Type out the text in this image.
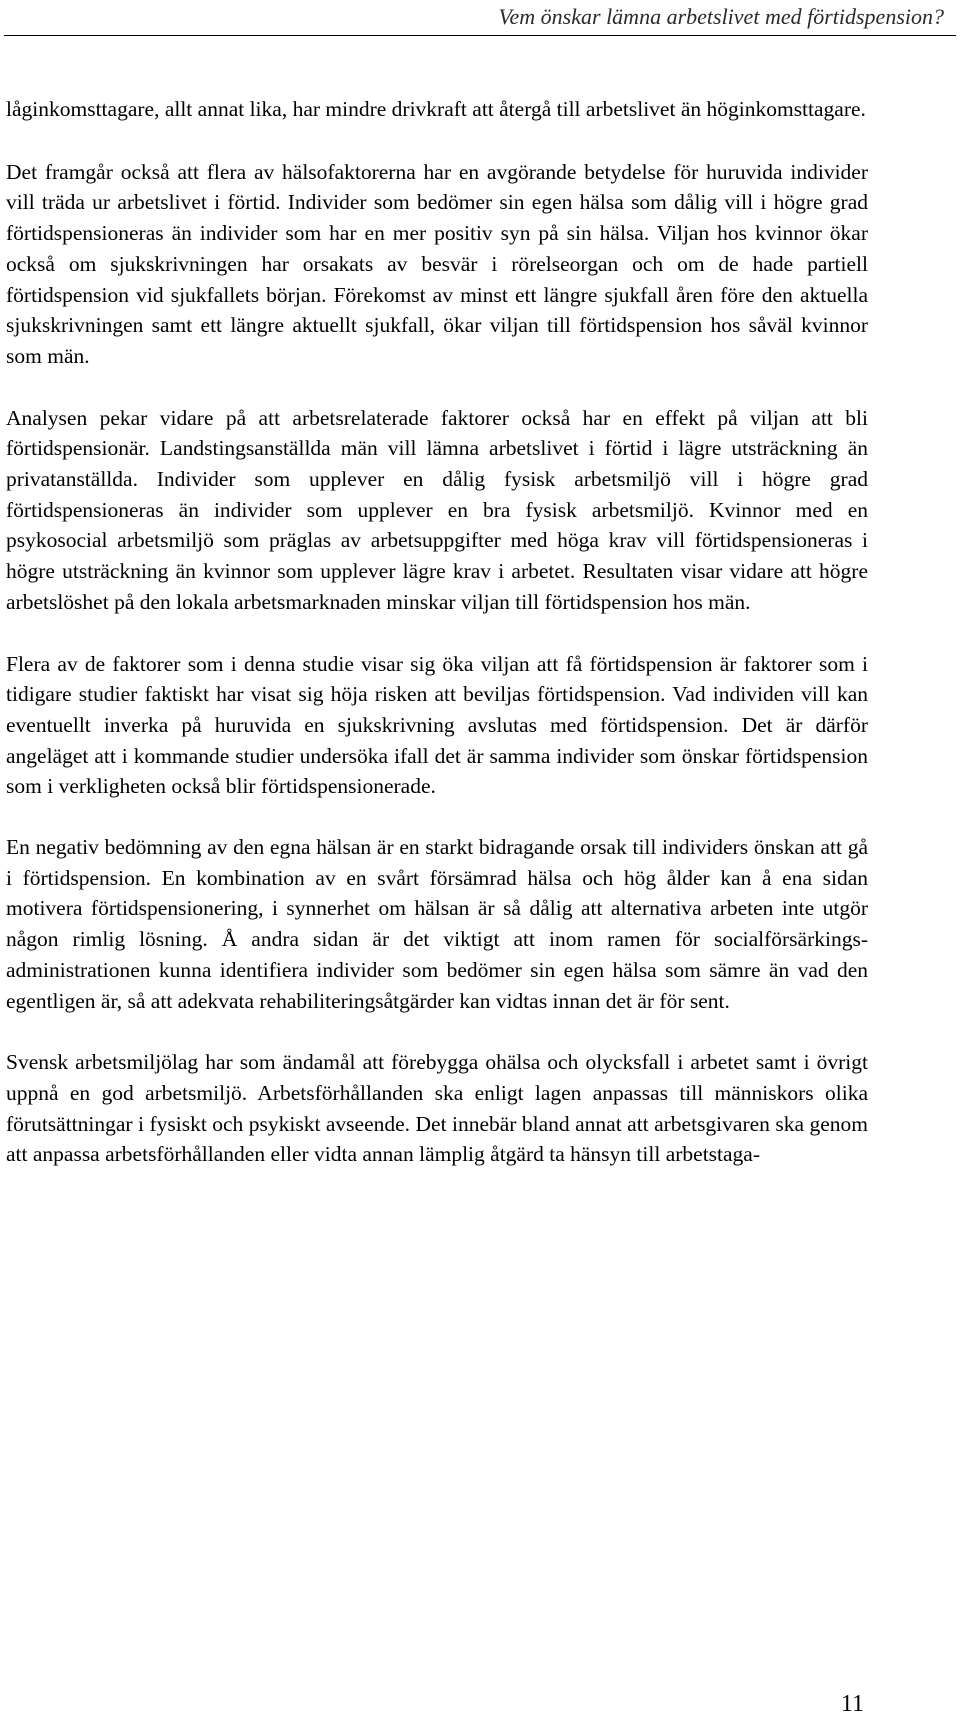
Vem önskar lämna arbetslivet med förtidspension?

låginkomsttagare, allt annat lika, har mindre drivkraft att återgå till arbetslivet än höginkomsttagare.

Det framgår också att flera av hälsofaktorerna har en avgörande betydelse för huruvida individer vill träda ur arbetslivet i förtid. Individer som bedömer sin egen hälsa som dålig vill i högre grad förtidspensioneras än individer som har en mer positiv syn på sin hälsa. Viljan hos kvinnor ökar också om sjukskrivningen har orsakats av besvär i rörelseorgan och om de hade partiell förtidspension vid sjukfallets början. Förekomst av minst ett längre sjukfall åren före den aktuella sjukskrivningen samt ett längre aktuellt sjukfall, ökar viljan till förtidspension hos såväl kvinnor som män.

Analysen pekar vidare på att arbetsrelaterade faktorer också har en effekt på viljan att bli förtidspensionär. Landstingsanställda män vill lämna arbetslivet i förtid i lägre utsträckning än privatanställda. Individer som upplever en dålig fysisk arbetsmiljö vill i högre grad förtidspensioneras än individer som upplever en bra fysisk arbetsmiljö. Kvinnor med en psykosocial arbetsmiljö som präglas av arbetsuppgifter med höga krav vill förtidspensioneras i högre utsträckning än kvinnor som upplever lägre krav i arbetet. Resultaten visar vidare att högre arbetslöshet på den lokala arbetsmarknaden minskar viljan till förtidspension hos män.

Flera av de faktorer som i denna studie visar sig öka viljan att få förtidspension är faktorer som i tidigare studier faktiskt har visat sig höja risken att beviljas förtidspension. Vad individen vill kan eventuellt inverka på huruvida en sjukskrivning avslutas med förtidspension. Det är därför angeläget att i kommande studier undersöka ifall det är samma individer som önskar förtidspension som i verkligheten också blir förtidspensionerade.

En negativ bedömning av den egna hälsan är en starkt bidragande orsak till individers önskan att gå i förtidspension. En kombination av en svårt försämrad hälsa och hög ålder kan å ena sidan motivera förtidspensionering, i synnerhet om hälsan är så dålig att alternativa arbeten inte utgör någon rimlig lösning. Å andra sidan är det viktigt att inom ramen för socialförsärkingsadministrationen kunna identifiera individer som bedömer sin egen hälsa som sämre än vad den egentligen är, så att adekvata rehabiliteringsåtgärder kan vidtas innan det är för sent.

Svensk arbetsmiljölag har som ändamål att förebygga ohälsa och olycksfall i arbetet samt i övrigt uppnå en god arbetsmiljö. Arbetsförhållanden ska enligt lagen anpassas till människors olika förutsättningar i fysiskt och psykiskt avseende. Det innebär bland annat att arbetsgivaren ska genom att anpassa arbetsförhållanden eller vidta annan lämplig åtgärd ta hänsyn till arbetstaga-

11
